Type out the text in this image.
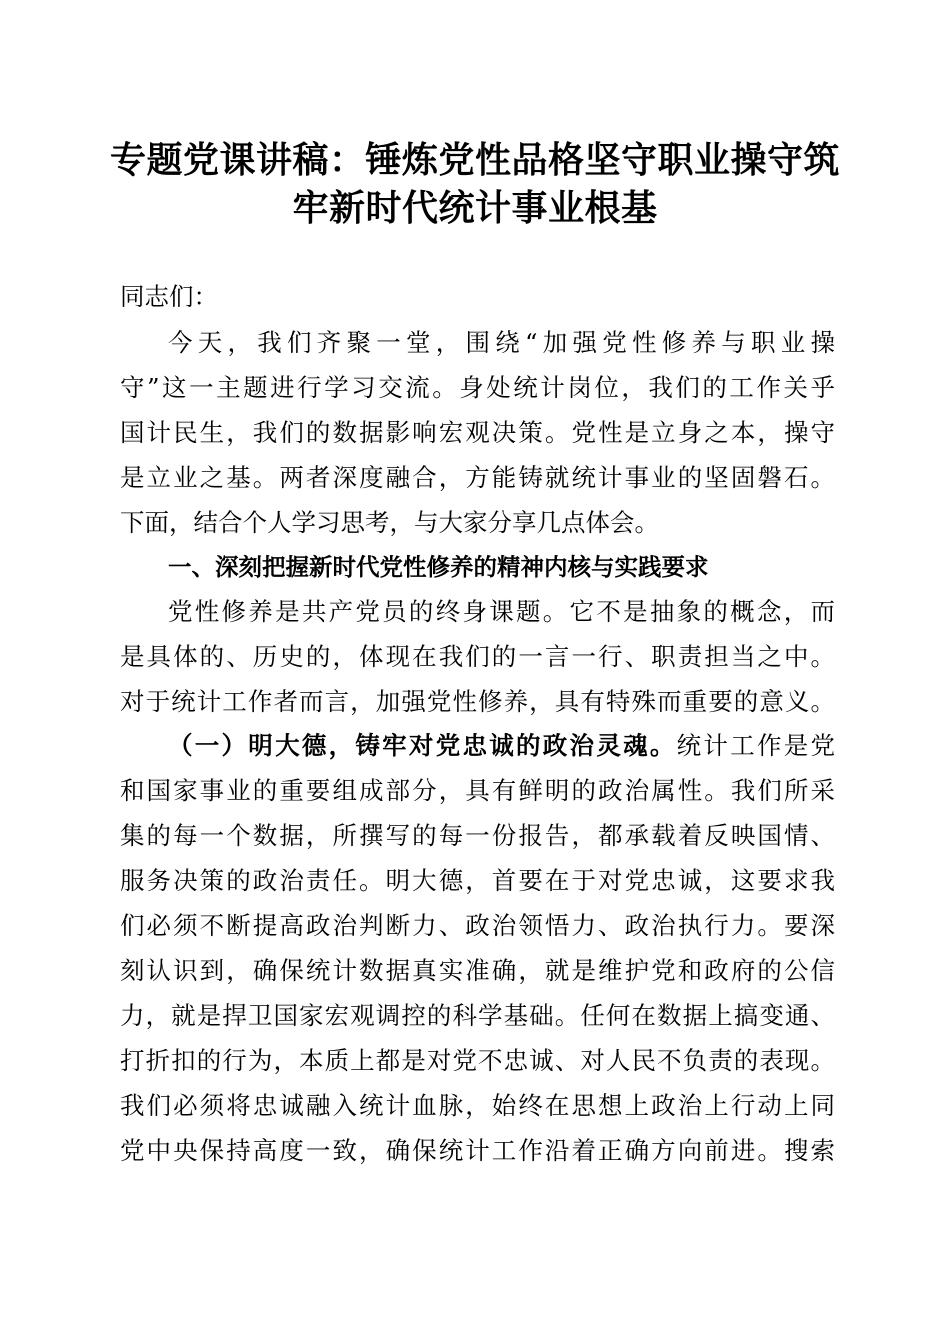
专题党课讲稿：锤炼党性品格坚守职业操守筑
牢新时代统计事业根基
同志们：
今天，我们齐聚一堂，围绕“加强党性修养与职业操
守”这一主题进行学习交流。身处统计岗位，我们的工作关乎
国计民生，我们的数据影响宏观决策。党性是立身之本，操守
是立业之基。两者深度融合，方能铸就统计事业的坚固磐石。
下面，结合个人学习思考，与大家分享几点体会。
一、深刻把握新时代党性修养的精神内核与实践要求
党性修养是共产党员的终身课题。它不是抽象的概念，而
是具体的、历史的，体现在我们的一言一行、职责担当之中。
对于统计工作者而言，加强党性修养，具有特殊而重要的意义。
（一）明大德，铸牢对党忠诚的政治灵魂。统计工作是党
和国家事业的重要组成部分，具有鲜明的政治属性。我们所采
集的每一个数据，所撰写的每一份报告，都承载着反映国情、
服务决策的政治责任。明大德，首要在于对党忠诚，这要求我
们必须不断提高政治判断力、政治领悟力、政治执行力。要深
刻认识到，确保统计数据真实准确，就是维护党和政府的公信
力，就是捍卫国家宏观调控的科学基础。任何在数据上搞变通、
打折扣的行为，本质上都是对党不忠诚、对人民不负责的表现。
我们必须将忠诚融入统计血脉，始终在思想上政治上行动上同
党中央保持高度一致，确保统计工作沿着正确方向前进。搜索
